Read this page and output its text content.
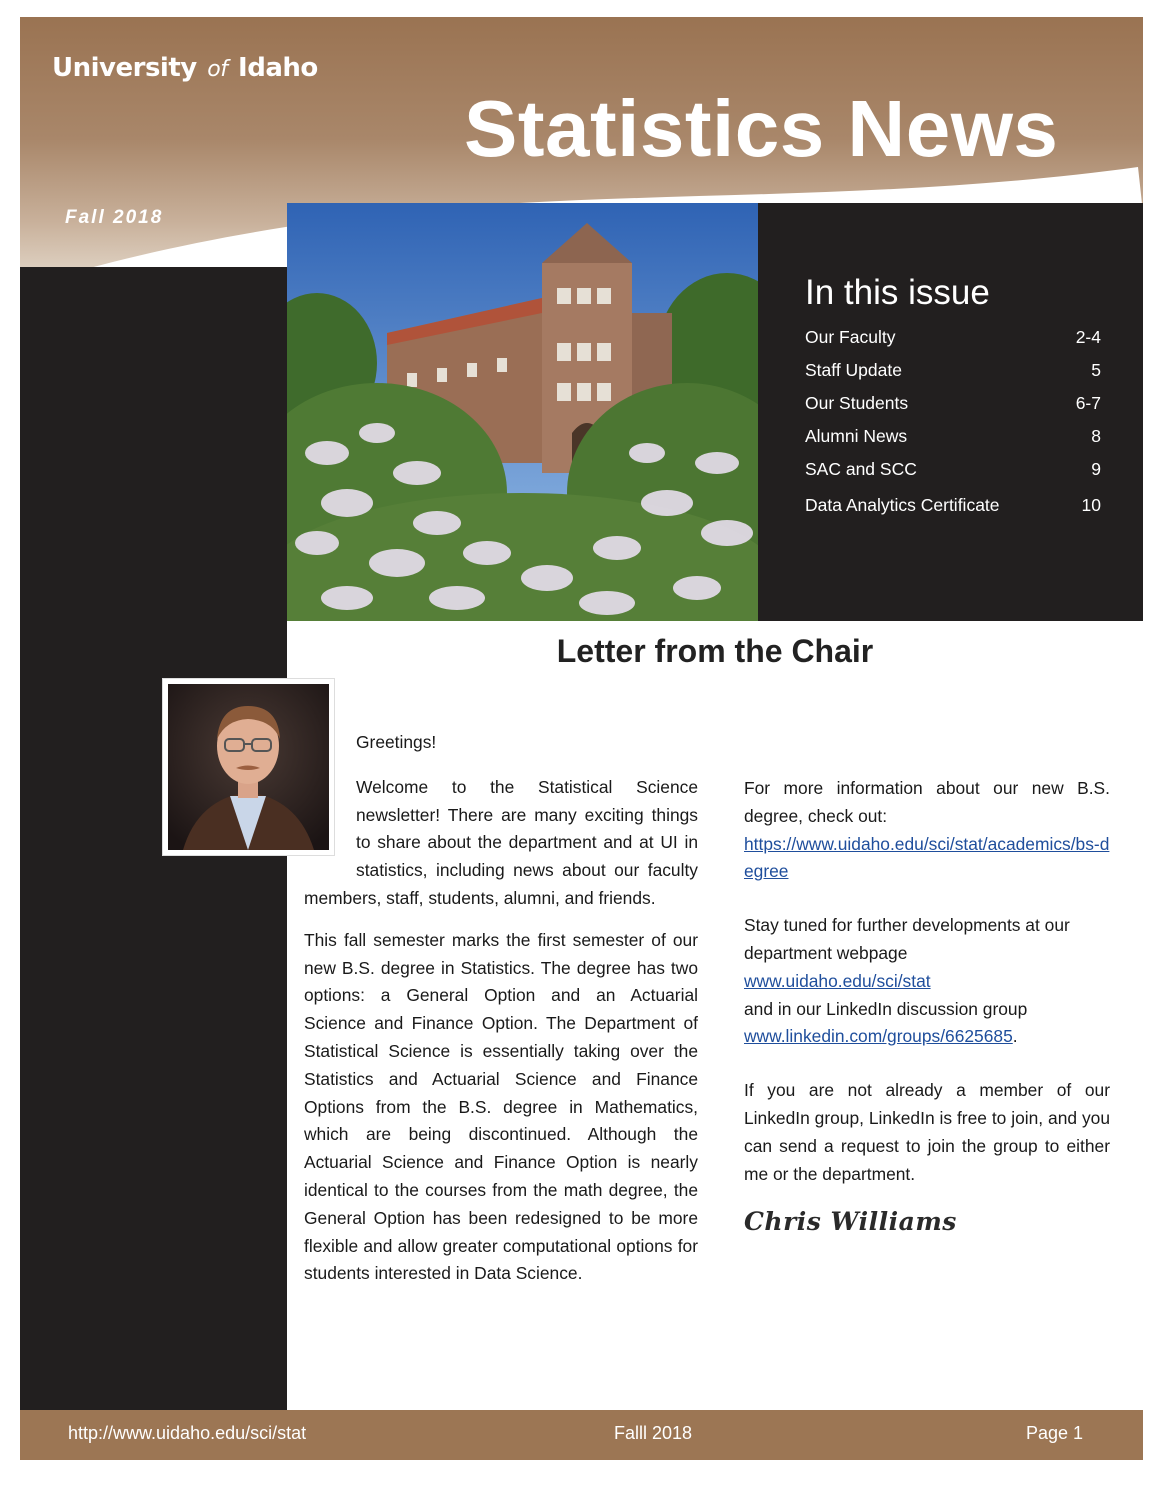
University of Idaho
Statistics News
Fall 2018
In this issue
Our Faculty	2-4
Staff Update	5
Our Students	6-7
Alumni News	8
SAC and SCC	9
Data Analytics Certificate	10
Letter from the Chair

Greetings!

Welcome to the Statistical Science newsletter! There are many exciting things to share about the department and at UI in statistics, including news about our faculty members, staff, students, alumni, and friends.

This fall semester marks the first semester of our new B.S. degree in Statistics. The degree has two options: a General Option and an Actuarial Science and Finance Option. The Department of Statistical Science is essentially taking over the Statistics and Actuarial Science and Finance Options from the B.S. degree in Mathematics, which are being discontinued. Although the Actuarial Science and Finance Option is nearly identical to the courses from the math degree, the General Option has been redesigned to be more flexible and allow greater computational options for students interested in Data Science.

For more information about our new B.S. degree, check out:
https://www.uidaho.edu/sci/stat/academics/bs-degree

Stay tuned for further developments at our department webpage
www.uidaho.edu/sci/stat
and in our LinkedIn discussion group
www.linkedin.com/groups/6625685.

If you are not already a member of our LinkedIn group, LinkedIn is free to join, and you can send a request to join the group to either me or the department.

Chris Williams
http://www.uidaho.edu/sci/stat	Falll 2018	Page 1
